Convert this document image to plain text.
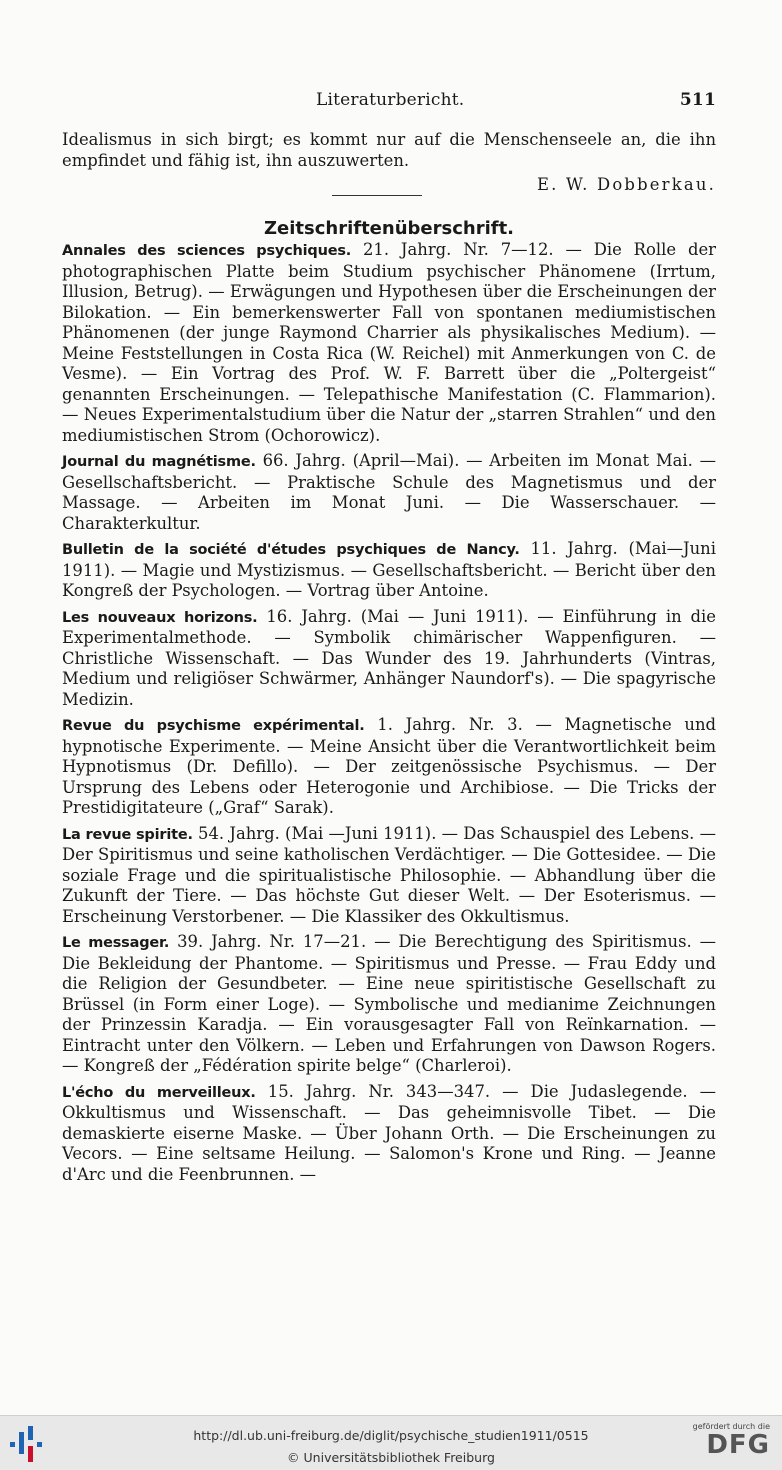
Literaturbericht.	511
Idealismus in sich birgt; es kommt nur auf die Menschenseele an, die ihn empfindet und fähig ist, ihn auszuwerten.
E. W. Dobberkau.
Zeitschriftenüberschrift.
Annales des sciences psychiques. 21. Jahrg. Nr. 7—12. — Die Rolle der photographischen Platte beim Studium psychischer Phänomene (Irrtum, Illusion, Betrug). — Erwägungen und Hypothesen über die Erscheinungen der Bilokation. — Ein bemerkenswerter Fall von spontanen mediumistischen Phänomenen (der junge Raymond Charrier als physikalisches Medium). — Meine Feststellungen in Costa Rica (W. Reichel) mit Anmerkungen von C. de Vesme). — Ein Vortrag des Prof. W. F. Barrett über die „Poltergeist“ genannten Erscheinungen. — Telepathische Manifestation (C. Flammarion). — Neues Experimentalstudium über die Natur der „starren Strahlen“ und den mediumistischen Strom (Ochorowicz).
Journal du magnétisme. 66. Jahrg. (April—Mai). — Arbeiten im Monat Mai. — Gesellschaftsbericht. — Praktische Schule des Magnetismus und der Massage. — Arbeiten im Monat Juni. — Die Wasserschauer. — Charakterkultur.
Bulletin de la société d'études psychiques de Nancy. 11. Jahrg. (Mai—Juni 1911). — Magie und Mystizismus. — Gesellschaftsbericht. — Bericht über den Kongreß der Psychologen. — Vortrag über Antoine.
Les nouveaux horizons. 16. Jahrg. (Mai — Juni 1911). — Einführung in die Experimentalmethode. — Symbolik chimärischer Wappenfiguren. — Christliche Wissenschaft. — Das Wunder des 19. Jahrhunderts (Vintras, Medium und religiöser Schwärmer, Anhänger Naundorf's). — Die spagyrische Medizin.
Revue du psychisme expérimental. 1. Jahrg. Nr. 3. — Magnetische und hypnotische Experimente. — Meine Ansicht über die Verantwortlichkeit beim Hypnotismus (Dr. Defillo). — Der zeitgenössische Psychismus. — Der Ursprung des Lebens oder Heterogonie und Archibiose. — Die Tricks der Prestidigitateure („Graf“ Sarak).
La revue spirite. 54. Jahrg. (Mai —Juni 1911). — Das Schauspiel des Lebens. — Der Spiritismus und seine katholischen Verdächtiger. — Die Gottesidee. — Die soziale Frage und die spiritualistische Philosophie. — Abhandlung über die Zukunft der Tiere. — Das höchste Gut dieser Welt. — Der Esoterismus. — Erscheinung Verstorbener. — Die Klassiker des Okkultismus.
Le messager. 39. Jahrg. Nr. 17—21. — Die Berechtigung des Spiritismus. — Die Bekleidung der Phantome. — Spiritismus und Presse. — Frau Eddy und die Religion der Gesundbeter. — Eine neue spiritistische Gesellschaft zu Brüssel (in Form einer Loge). — Symbolische und medianime Zeichnungen der Prinzessin Karadja. — Ein vorausgesagter Fall von Reïnkarnation. — Eintracht unter den Völkern. — Leben und Erfahrungen von Dawson Rogers. — Kongreß der „Fédération spirite belge“ (Charleroi).
L'écho du merveilleux. 15. Jahrg. Nr. 343—347. — Die Judaslegende. — Okkultismus und Wissenschaft. — Das geheimnisvolle Tibet. — Die demaskierte eiserne Maske. — Über Johann Orth. — Die Erscheinungen zu Vecors. — Eine seltsame Heilung. — Salomon's Krone und Ring. — Jeanne d'Arc und die Feenbrunnen. —
http://dl.ub.uni-freiburg.de/diglit/psychische_studien1911/0515
© Universitätsbibliothek Freiburg
gefördert durch die
DFG
